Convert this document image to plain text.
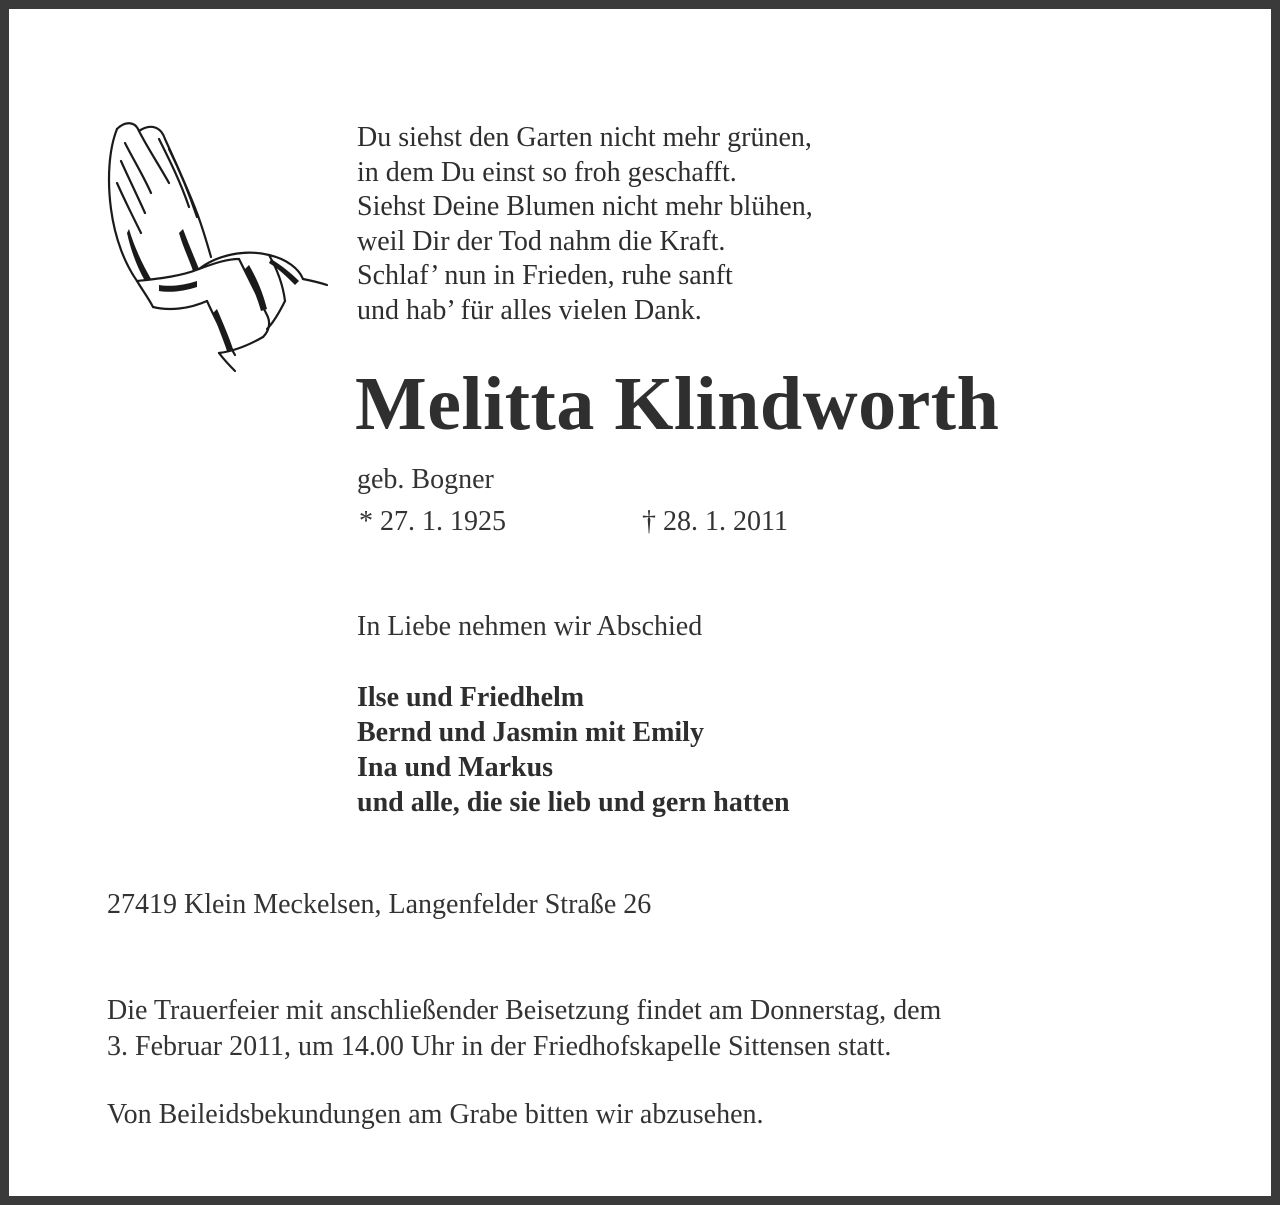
Du siehst den Garten nicht mehr grünen,
in dem Du einst so froh geschafft.
Siehst Deine Blumen nicht mehr blühen,
weil Dir der Tod nahm die Kraft.
Schlaf’ nun in Frieden, ruhe sanft
und hab’ für alles vielen Dank.
Melitta Klindworth
geb. Bogner
* 27. 1. 1925	† 28. 1. 2011
In Liebe nehmen wir Abschied
Ilse und Friedhelm
Bernd und Jasmin mit Emily
Ina und Markus
und alle, die sie lieb und gern hatten
27419 Klein Meckelsen, Langenfelder Straße 26
Die Trauerfeier mit anschließender Beisetzung findet am Donnerstag, dem
3. Februar 2011, um 14.00 Uhr in der Friedhofskapelle Sittensen statt.
Von Beileidsbekundungen am Grabe bitten wir abzusehen.
